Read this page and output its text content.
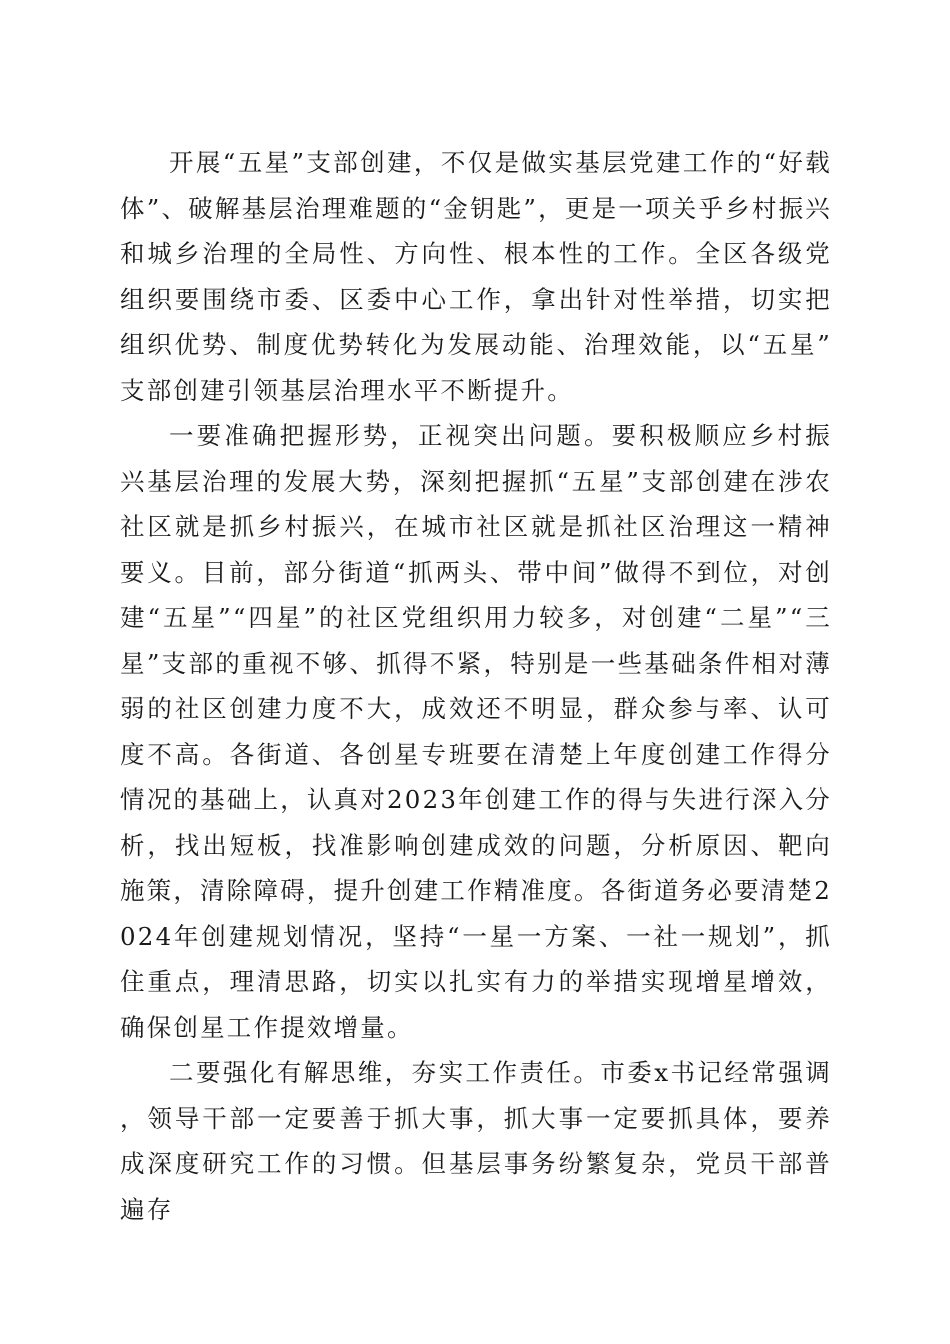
开展“五星”支部创建，不仅是做实基层党建工作的“好载体”、破解基层治理难题的“金钥匙”，更是一项关乎乡村振兴和城乡治理的全局性、方向性、根本性的工作。全区各级党组织要围绕市委、区委中心工作，拿出针对性举措，切实把组织优势、制度优势转化为发展动能、治理效能，以“五星”支部创建引领基层治理水平不断提升。

一要准确把握形势，正视突出问题。要积极顺应乡村振兴基层治理的发展大势，深刻把握抓“五星”支部创建在涉农社区就是抓乡村振兴，在城市社区就是抓社区治理这一精神要义。目前，部分街道“抓两头、带中间”做得不到位，对创建“五星”“四星”的社区党组织用力较多，对创建“二星”“三星”支部的重视不够、抓得不紧，特别是一些基础条件相对薄弱的社区创建力度不大，成效还不明显，群众参与率、认可度不高。各街道、各创星专班要在清楚上年度创建工作得分情况的基础上，认真对2023年创建工作的得与失进行深入分析，找出短板，找准影响创建成效的问题，分析原因、靶向施策，清除障碍，提升创建工作精准度。各街道务必要清楚2024年创建规划情况，坚持“一星一方案、一社一规划”，抓住重点，理清思路，切实以扎实有力的举措实现增星增效，确保创星工作提效增量。

二要强化有解思维，夯实工作责任。市委x书记经常强调，领导干部一定要善于抓大事，抓大事一定要抓具体，要养成深度研究工作的习惯。但基层事务纷繁复杂，党员干部普遍存
